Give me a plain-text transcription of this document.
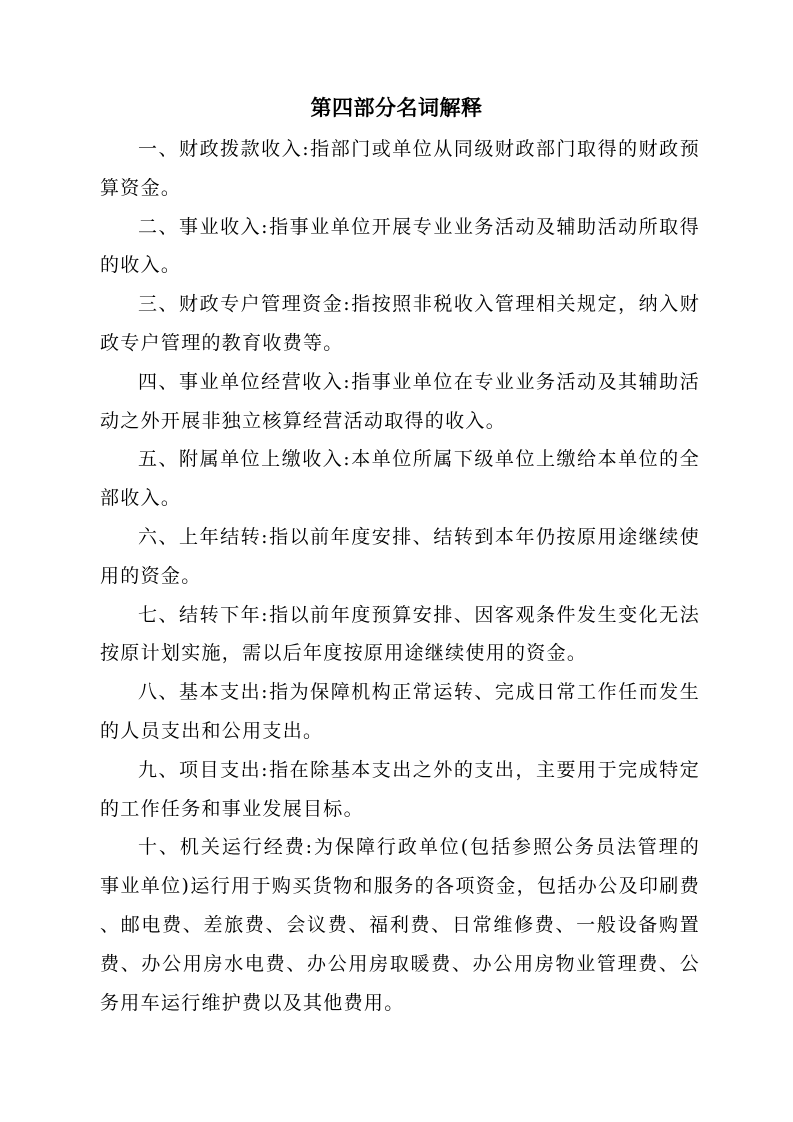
第四部分名词解释

一、财政拨款收入:指部门或单位从同级财政部门取得的财政预算资金。

二、事业收入:指事业单位开展专业业务活动及辅助活动所取得的收入。

三、财政专户管理资金:指按照非税收入管理相关规定，纳入财政专户管理的教育收费等。

四、事业单位经营收入:指事业单位在专业业务活动及其辅助活动之外开展非独立核算经营活动取得的收入。

五、附属单位上缴收入:本单位所属下级单位上缴给本单位的全部收入。

六、上年结转:指以前年度安排、结转到本年仍按原用途继续使用的资金。

七、结转下年:指以前年度预算安排、因客观条件发生变化无法按原计划实施，需以后年度按原用途继续使用的资金。

八、基本支出:指为保障机构正常运转、完成日常工作任而发生的人员支出和公用支出。

九、项目支出:指在除基本支出之外的支出，主要用于完成特定的工作任务和事业发展目标。

十、机关运行经费:为保障行政单位(包括参照公务员法管理的事业单位)运行用于购买货物和服务的各项资金，包括办公及印刷费、邮电费、差旅费、会议费、福利费、日常维修费、一般设备购置费、办公用房水电费、办公用房取暖费、办公用房物业管理费、公务用车运行维护费以及其他费用。
